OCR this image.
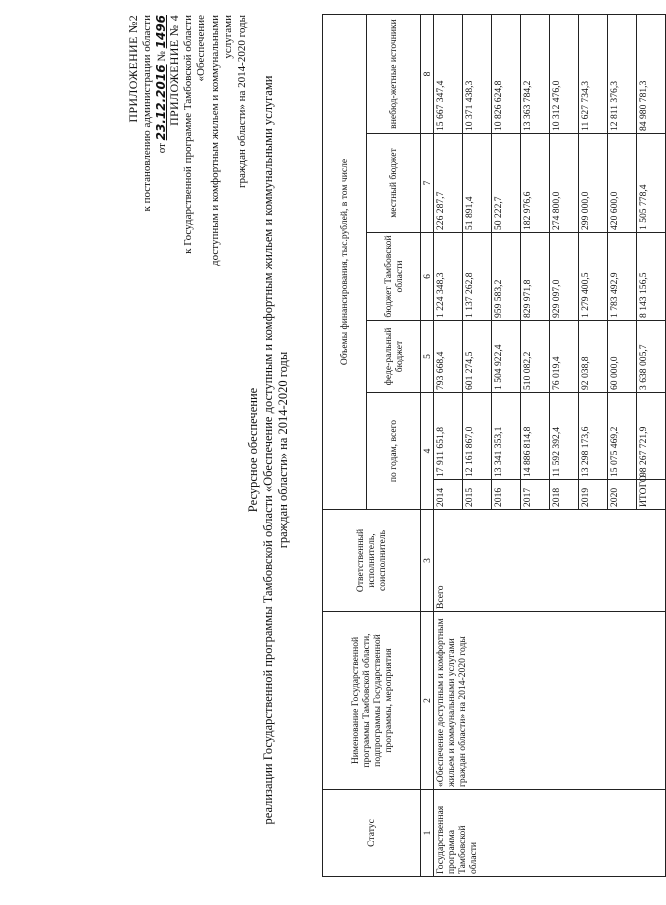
ПРИЛОЖЕНИЕ №2 к постановлению администрации области от 23.12.2016 № 1496 ПРИЛОЖЕНИЕ № 4 к Государственной программе Тамбовской области «Обеспечение доступным и комфортным жильем и коммунальными услугами граждан области» на 2014-2020 годы
Ресурсное обеспечение реализации Государственной программы Тамбовской области «Обеспечение доступным и комфортным жильем и коммунальными услугами граждан области» на 2014-2020 годы
Статус	Нименование Государственной программы Тамбовской области, подпрограммы Государственной программы, мероприятия	Ответственный исполнитель, соисполнитель	Объемы финансирования, тыс.рублей, в том числе					
			по годам, всего		феде-ральный бюджет	бюджет Тамбовской области	местный бюджет	внебюд-жетные источники
1	2	3	4		5	6	7	8
Государственная программа Тамбовской области	«Обеспечение доступным и комфортным жильем и коммунальными услугами граждан области» на 2014-2020 годы	Всего	2014	17 911 651,8	793 668,4	1 224 348,3	226 287,7	15 667 347,4
			2015	12 161 867,0	601 274,5	1 137 262,8	51 891,4	10 371 438,3
			2016	13 341 353,1	1 504 922,4	959 583,2	50 222,7	10 826 624,8
			2017	14 886 814,8	510 082,2	829 971,8	182 976,6	13 363 784,2
			2018	11 592 392,4	76 019,4	929 097,0	274 800,0	10 312 476,0
			2019	13 298 173,6	92 038,8	1 279 400,5	299 000,0	11 627 734,3
			2020	15 075 469,2	60 000,0	1 783 492,9	420 600,0	12 811 376,3
			ИТОГО	98 267 721,9	3 638 005,7	8 143 156,5	1 505 778,4	84 980 781,3
